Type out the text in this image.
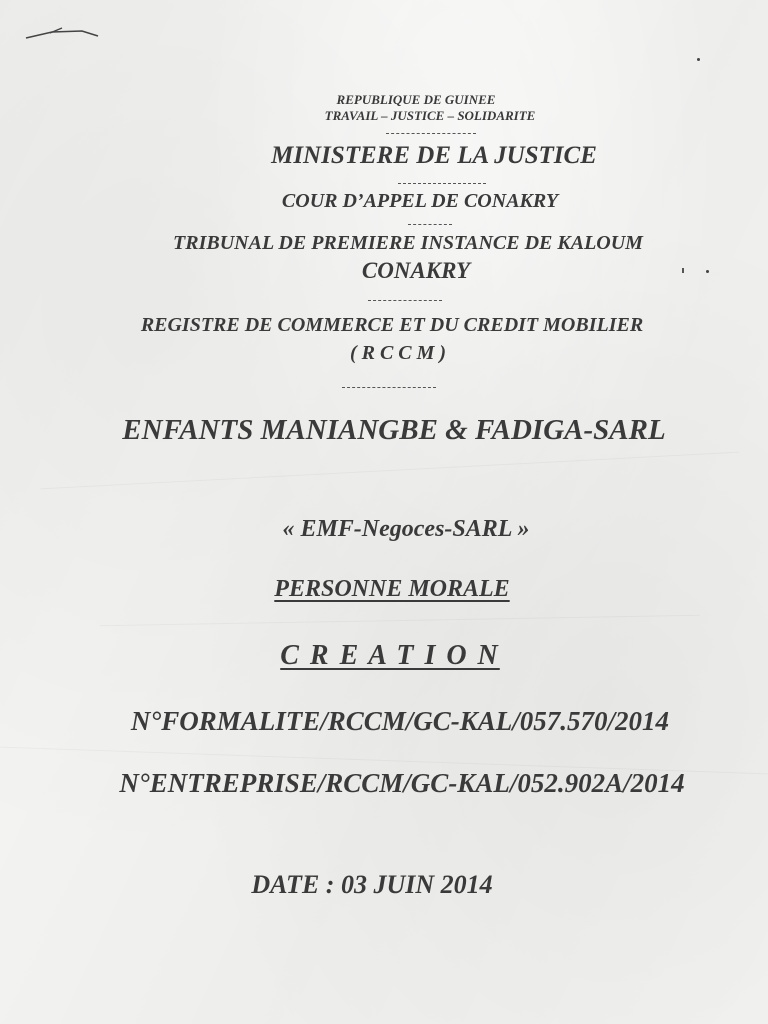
REPUBLIQUE DE GUINEE
TRAVAIL – JUSTICE – SOLIDARITE
MINISTERE DE LA JUSTICE
COUR D’APPEL DE CONAKRY
TRIBUNAL DE PREMIERE INSTANCE DE KALOUM
CONAKRY
REGISTRE DE COMMERCE ET DU CREDIT MOBILIER
( R C C M )
ENFANTS MANIANGBE & FADIGA-SARL
« EMF-Negoces-SARL »
PERSONNE MORALE
C R E A T I O N
N°FORMALITE/RCCM/GC-KAL/057.570/2014
N°ENTREPRISE/RCCM/GC-KAL/052.902A/2014
DATE : 03 JUIN 2014
